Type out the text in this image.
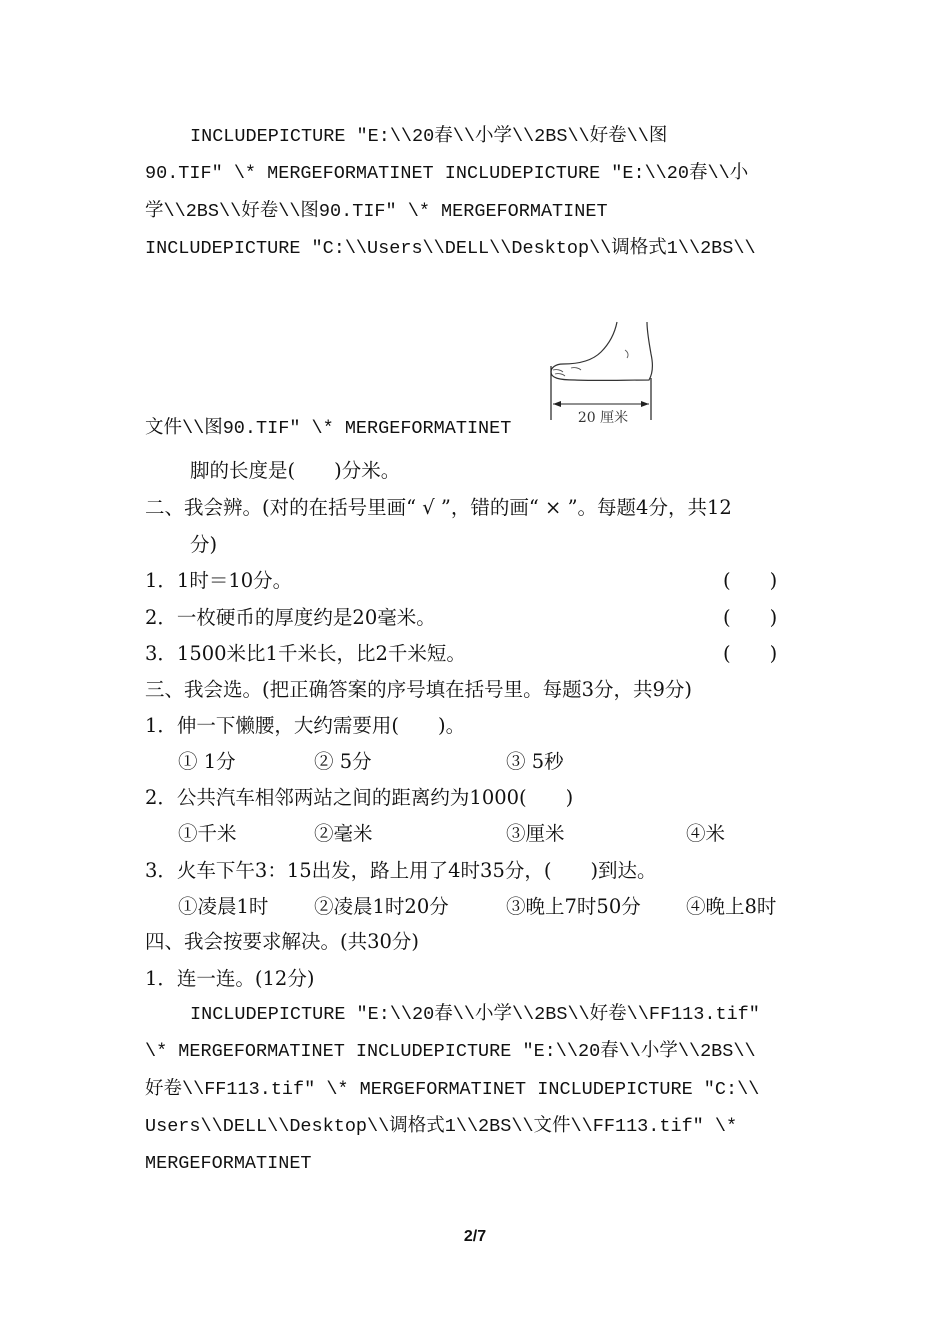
INCLUDEPICTURE "E:\\20春\\小学\\2BS\\好卷\\图
90.TIF" \* MERGEFORMATINET INCLUDEPICTURE "E:\\20春\\小
学\\2BS\\好卷\\图90.TIF" \* MERGEFORMATINET
INCLUDEPICTURE "C:\\Users\\DELL\\Desktop\\调格式1\\2BS\\
文件\\图90.TIF" \* MERGEFORMATINET	20 厘米
脚的长度是(　　)分米。
二、我会辨。(对的在括号里画“ √ ”，错的画“ × ”。每题4分，共12
分)
1．1时＝10分。	(　　)
2．一枚硬币的厚度约是20毫米。	(　　)
3．1500米比1千米长，比2千米短。	(　　)
三、我会选。(把正确答案的序号填在括号里。每题3分，共9分)
1．伸一下懒腰，大约需要用(　　)。
① 1分	② 5分	③ 5秒
2．公共汽车相邻两站之间的距离约为1000(　　)
①千米	②毫米	③厘米	④米
3．火车下午3：15出发，路上用了4时35分，(　　)到达。
①凌晨1时 ②凌晨1时20分	③晚上7时50分 ④晚上8时
四、我会按要求解决。(共30分)
1．连一连。(12分)
INCLUDEPICTURE "E:\\20春\\小学\\2BS\\好卷\\FF113.tif"
\* MERGEFORMATINET INCLUDEPICTURE "E:\\20春\\小学\\2BS\\
好卷\\FF113.tif" \* MERGEFORMATINET INCLUDEPICTURE "C:\\
Users\\DELL\\Desktop\\调格式1\\2BS\\文件\\FF113.tif" \*
MERGEFORMATINET
2/7
